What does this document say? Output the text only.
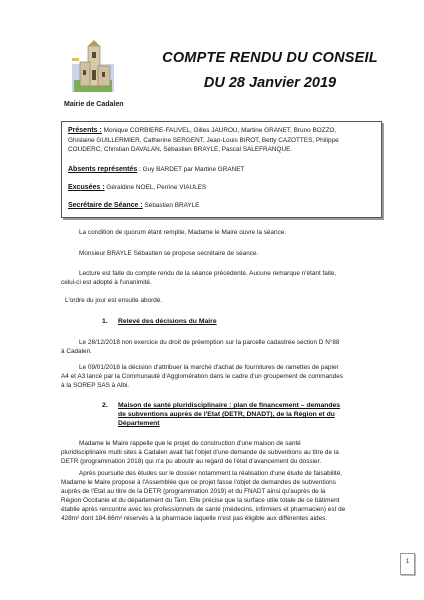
COMPTE RENDU DU CONSEIL
DU 28 Janvier 2019
Mairie de Cadalen

Présents : Monique CORBIERE-FAUVEL, Gilles JAUROU, Martine GRANET, Bruno BOZZO,

Ghislaine GUILLERMIER, Catherine SERGENT, Jean-Louis BIROT, Betty CAZOTTES, Philippe

COUDERC, Christian DAVALAN, Sébastien BRAYLE, Pascal SALEFRANQUE.

Absents représentés : Guy BARDET par Martine GRANET

Excusées : Géraldine NOEL, Perrine VIAULES

Secrétaire de Séance : Sébastien BRAYLE

La condition de quorum étant remplie, Madame le Maire ouvre la séance.
Monsieur BRAYLE Sébastien se propose secrétaire de séance.
Lecture est faite du compte rendu de la séance précédente. Aucune remarque n'étant faite,
celui-ci est adopté à l'unanimité.
L'ordre du jour est ensuite abordé.
1. Relevé des décisions du Maire
Le 28/12/2018 non exercice du droit de préemption sur la parcelle cadastrée section D N°88
à Cadalen.
Le 09/01/2018 la décision d'attribuer la marché d'achat de fournitures de ramettes de papier
A4 et A3 lancé par la Communauté d'Agglomération dans le cadre d'un groupement de commandes
à la SOREP SAS à Albi.
2. Maison de santé pluridisciplinaire : plan de financement – demandes
de subventions auprès de l'Etat (DETR, DNADT), de la Région et du
Département
Madame le Maire rappelle que le projet de construction d'une maison de santé
pluridisciplinaire multi sites à Cadalen avait fait l'objet d'une demande de subventions au titre de la
DETR (programmation 2018) qui n'a pu aboutir au regard de l'état d'avancement du dossier.
Après poursuite des études sur le dossier notamment la réalisation d'une étude de faisabilité,
Madame le Maire propose à l'Assemblée que ce projet fasse l'objet de demandes de subventions
auprès de l'Etat au titre de la DETR (programmation 2019) et du FNADT ainsi qu'auprès de la
Région Occitanie et du département du Tarn. Elle précise que la surface utile totale de ce bâtiment
établie après rencontre avec les professionnels de santé (médecins, infirmiers et pharmacien) est de
428m² dont 184.66m² réservés à la pharmacie laquelle n'est pas éligible aux différentes aides.
1
